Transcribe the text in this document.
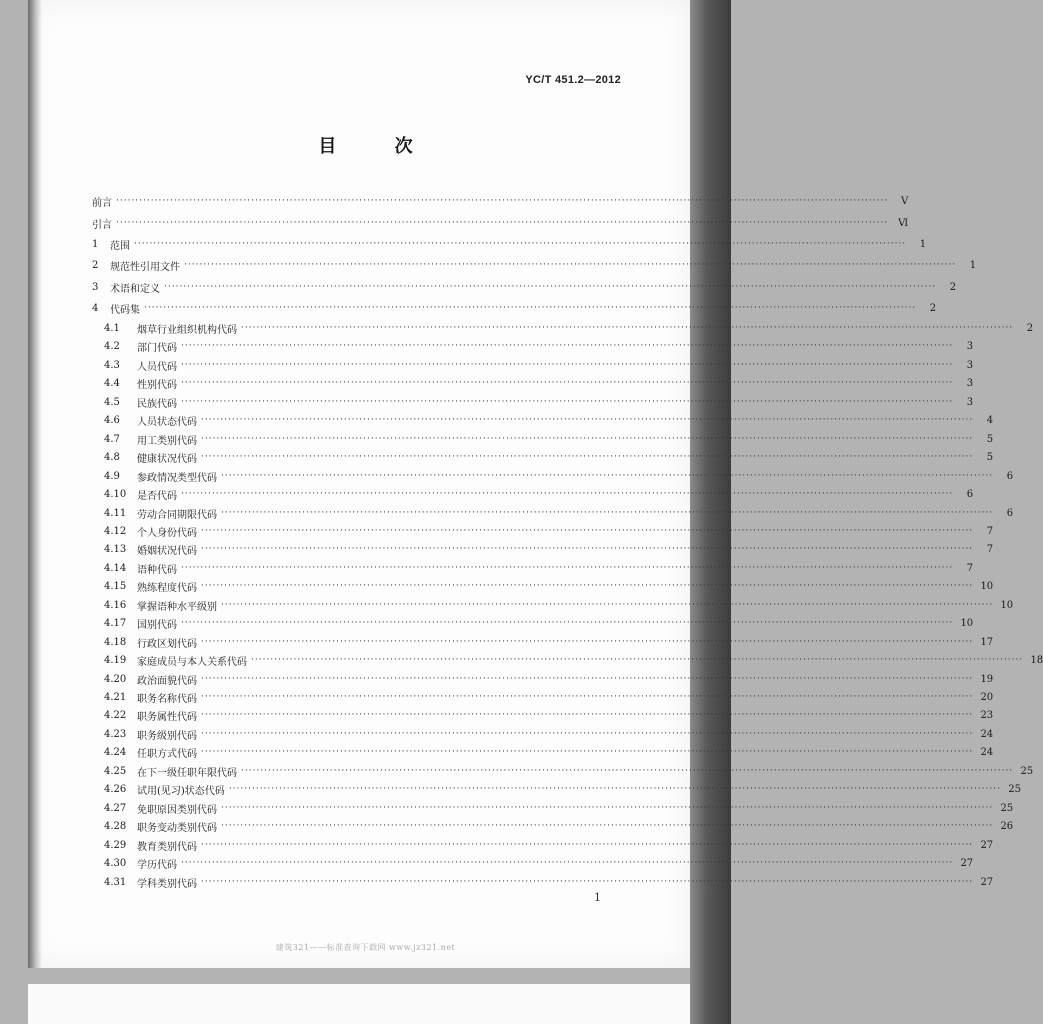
YC/T 451.2—2012
目 次
前言 ········································································································································································································	Ⅴ
引言 ········································································································································································································ Ⅵ
1	范围 ········································································································································································································	1
2	规范性引用文件 ········································································································································································································	1
3	术语和定义 ········································································································································································································	2
4	代码集 ········································································································································································································	2
4.1	烟草行业组织机构代码 ········································································································································································································	2
4.2	部门代码 ········································································································································································································	3
4.3	人员代码 ········································································································································································································	3
4.4	性别代码 ········································································································································································································	3
4.5	民族代码 ········································································································································································································	3
4.6	人员状态代码 ········································································································································································································	4
4.7	用工类别代码 ········································································································································································································	5
4.8	健康状况代码 ········································································································································································································	5
4.9	参政情况类型代码 ········································································································································································································	6
4.10	是否代码 ········································································································································································································	6
4.11	劳动合同期限代码 ········································································································································································································	6
4.12	个人身份代码 ········································································································································································································	7
4.13	婚姻状况代码 ········································································································································································································	7
4.14	语种代码 ········································································································································································································	7
4.15	熟练程度代码 ········································································································································································································ 10
4.16	掌握语种水平级别 ········································································································································································································ 10
4.17	国别代码 ········································································································································································································ 10
4.18	行政区划代码 ········································································································································································································ 17
4.19	家庭成员与本人关系代码 ········································································································································································································ 18
4.20	政治面貌代码 ········································································································································································································ 19
4.21	职务名称代码 ········································································································································································································ 20
4.22	职务属性代码 ········································································································································································································ 23
4.23	职务级别代码 ········································································································································································································ 24
4.24	任职方式代码 ········································································································································································································ 24
4.25	在下一级任职年限代码 ········································································································································································································ 25
4.26	试用(见习)状态代码 ········································································································································································································ 25
4.27	免职原因类别代码 ········································································································································································································ 25
4.28	职务变动类别代码 ········································································································································································································ 26
4.29	教育类别代码 ········································································································································································································ 27
4.30	学历代码 ········································································································································································································ 27
4.31	学科类别代码 ········································································································································································································ 27
1
建筑321——标准查询下载网 www.jz321.net
